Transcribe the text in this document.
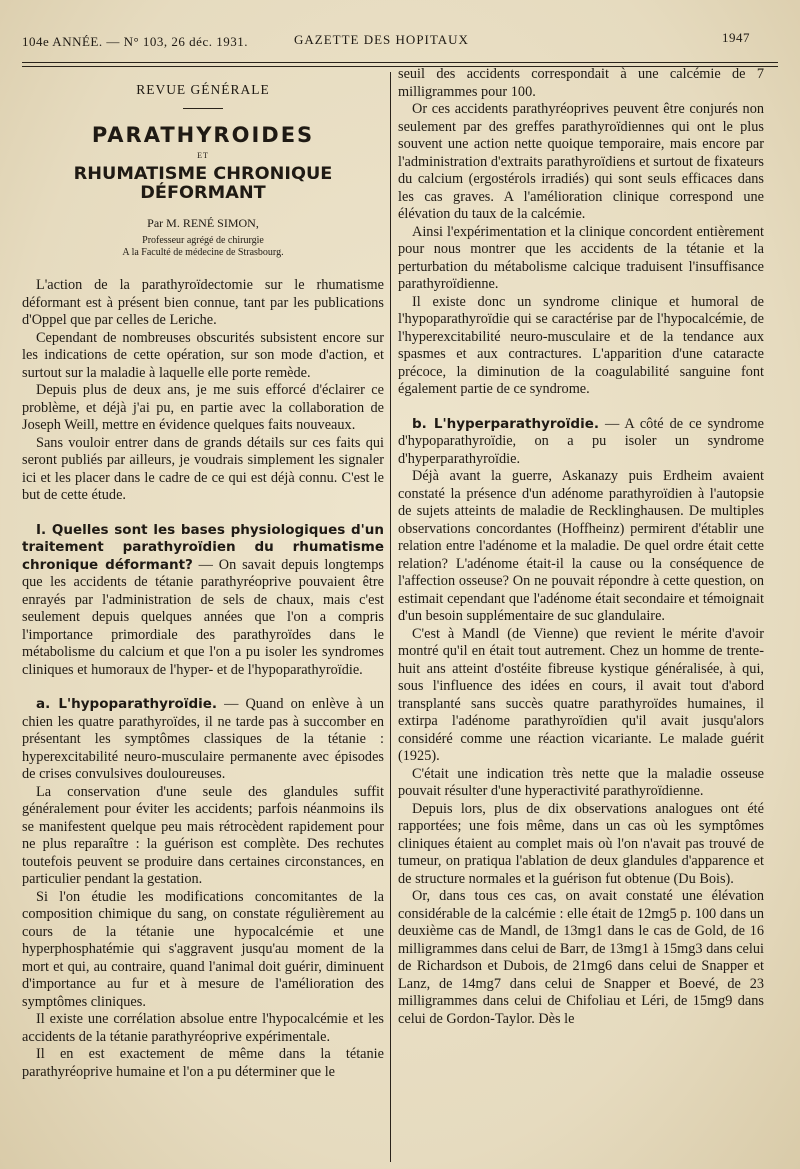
104e ANNÉE. — N° 103, 26 déc. 1931.	GAZETTE DES HOPITAUX	1947
REVUE GÉNÉRALE
PARATHYROIDES
ET
RHUMATISME CHRONIQUE DÉFORMANT
Par M. RENÉ SIMON,
Professeur agrégé de chirurgie
A la Faculté de médecine de Strasbourg.

L'action de la parathyroïdectomie sur le rhumatisme déformant est à présent bien connue, tant par les publications d'Oppel que par celles de Leriche.

Cependant de nombreuses obscurités subsistent encore sur les indications de cette opération, sur son mode d'action, et surtout sur la maladie à laquelle elle porte remède.

Depuis plus de deux ans, je me suis efforcé d'éclairer ce problème, et déjà j'ai pu, en partie avec la collaboration de Joseph Weill, mettre en évidence quelques faits nouveaux.

Sans vouloir entrer dans de grands détails sur ces faits qui seront publiés par ailleurs, je voudrais simplement les signaler ici et les placer dans le cadre de ce qui est déjà connu. C'est le but de cette étude.

I. Quelles sont les bases physiologiques d'un traitement parathyroïdien du rhumatisme chronique déformant? — On savait depuis longtemps que les accidents de tétanie parathyréoprive pouvaient être enrayés par l'administration de sels de chaux, mais c'est seulement depuis quelques années que l'on a compris l'importance primordiale des parathyroïdes dans le métabolisme du calcium et que l'on a pu isoler les syndromes cliniques et humoraux de l'hyper- et de l'hypoparathyroïdie.

a. L'hypoparathyroïdie. — Quand on enlève à un chien les quatre parathyroïdes, il ne tarde pas à succomber en présentant les symptômes classiques de la tétanie : hyperexcitabilité neuro-musculaire permanente avec épisodes de crises convulsives douloureuses.

La conservation d'une seule des glandules suffit généralement pour éviter les accidents; parfois néanmoins ils se manifestent quelque peu mais rétrocèdent rapidement pour ne plus reparaître : la guérison est complète. Des rechutes toutefois peuvent se produire dans certaines circonstances, en particulier pendant la gestation.

Si l'on étudie les modifications concomitantes de la composition chimique du sang, on constate régulièrement au cours de la tétanie une hypocalcémie et une hyperphosphatémie qui s'aggravent jusqu'au moment de la mort et qui, au contraire, quand l'animal doit guérir, diminuent d'importance au fur et à mesure de l'amélioration des symptômes cliniques.

Il existe une corrélation absolue entre l'hypocalcémie et les accidents de la tétanie parathyréoprive expérimentale.

Il en est exactement de même dans la tétanie parathyréoprive humaine et l'on a pu déterminer que le

seuil des accidents correspondait à une calcémie de 7 milligrammes pour 100.

Or ces accidents parathyréoprives peuvent être conjurés non seulement par des greffes parathyroïdiennes qui ont le plus souvent une action nette quoique temporaire, mais encore par l'administration d'extraits parathyroïdiens et surtout de fixateurs du calcium (ergostérols irradiés) qui sont seuls efficaces dans les cas graves. A l'amélioration clinique correspond une élévation du taux de la calcémie.

Ainsi l'expérimentation et la clinique concordent entièrement pour nous montrer que les accidents de la tétanie et la perturbation du métabolisme calcique traduisent l'insuffisance parathyroïdienne.

Il existe donc un syndrome clinique et humoral de l'hypoparathyroïdie qui se caractérise par de l'hypocalcémie, de l'hyperexcitabilité neuro-musculaire et de la tendance aux spasmes et aux contractures. L'apparition d'une cataracte précoce, la diminution de la coagulabilité sanguine font également partie de ce syndrome.

b. L'hyperparathyroïdie. — A côté de ce syndrome d'hypoparathyroïdie, on a pu isoler un syndrome d'hyperparathyroïdie.

Déjà avant la guerre, Askanazy puis Erdheim avaient constaté la présence d'un adénome parathyroïdien à l'autopsie de sujets atteints de maladie de Recklinghausen. De multiples observations concordantes (Hoffheinz) permirent d'établir une relation entre l'adénome et la maladie. De quel ordre était cette relation? L'adénome était-il la cause ou la conséquence de l'affection osseuse? On ne pouvait répondre à cette question, on estimait cependant que l'adénome était secondaire et témoignait d'un besoin supplémentaire de suc glandulaire.

C'est à Mandl (de Vienne) que revient le mérite d'avoir montré qu'il en était tout autrement. Chez un homme de trente-huit ans atteint d'ostéite fibreuse kystique généralisée, à qui, sous l'influence des idées en cours, il avait tout d'abord transplanté sans succès quatre parathyroïdes humaines, il extirpa l'adénome parathyroïdien qu'il avait jusqu'alors considéré comme une réaction vicariante. Le malade guérit (1925).

C'était une indication très nette que la maladie osseuse pouvait résulter d'une hyperactivité parathyroïdienne.

Depuis lors, plus de dix observations analogues ont été rapportées; une fois même, dans un cas où les symptômes cliniques étaient au complet mais où l'on n'avait pas trouvé de tumeur, on pratiqua l'ablation de deux glandules d'apparence et de structure normales et la guérison fut obtenue (Du Bois).

Or, dans tous ces cas, on avait constaté une élévation considérable de la calcémie : elle était de 12mg5 p. 100 dans un deuxième cas de Mandl, de 13mg1 dans le cas de Gold, de 16 milligrammes dans celui de Barr, de 13mg1 à 15mg3 dans celui de Richardson et Dubois, de 21mg6 dans celui de Snapper et Lanz, de 14mg7 dans celui de Snapper et Boevé, de 23 milligrammes dans celui de Chifoliau et Léri, de 15mg9 dans celui de Gordon-Taylor. Dès le
